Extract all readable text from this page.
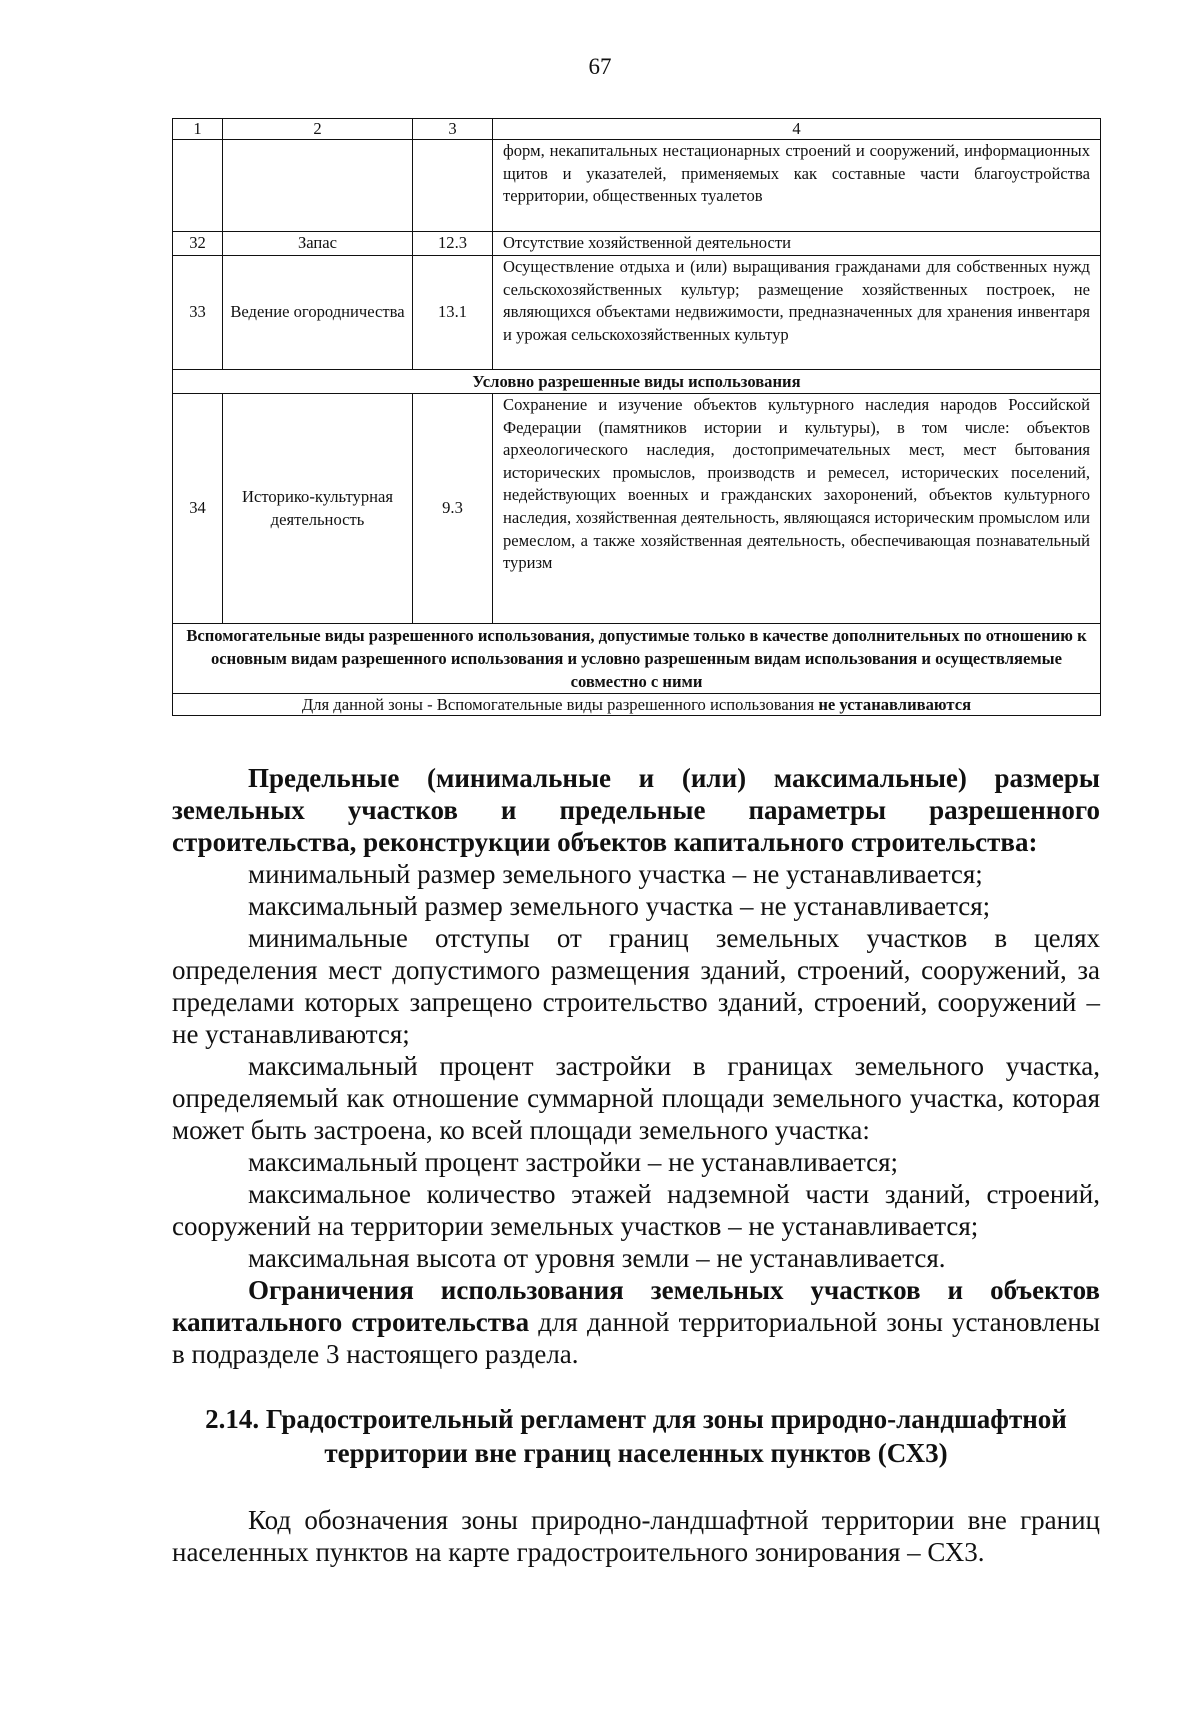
67
1	2	3	4
			форм, некапитальных нестационарных строений и сооружений, информационных щитов и указателей, применяемых как составные части благоустройства территории, общественных туалетов
32	Запас	12.3	Отсутствие хозяйственной деятельности
33	Ведение огородничества	13.1	Осуществление отдыха и (или) выращивания гражданами для собственных нужд сельскохозяйственных культур; размещение хозяйственных построек, не являющихся объектами недвижимости, предназначенных для хранения инвентаря и урожая сельскохозяйственных культур
Условно разрешенные виды использования			
34	Историко-культурная деятельность	9.3	Сохранение и изучение объектов культурного наследия народов Российской Федерации (памятников истории и культуры), в том числе: объектов археологического наследия, достопримечательных мест, мест бытования исторических промыслов, производств и ремесел, исторических поселений, недействующих военных и гражданских захоронений, объектов культурного наследия, хозяйственная деятельность, являющаяся историческим промыслом или ремеслом, а также хозяйственная деятельность, обеспечивающая познавательный туризм
Вспомогательные виды разрешенного использования, допустимые только в качестве дополнительных по отношению к основным видам разрешенного использования и условно разрешенным видам использования и осуществляемые совместно с ними			
Для данной зоны - Вспомогательные виды разрешенного использования не устанавливаются			

Предельные (минимальные и (или) максимальные) размеры земельных участков и предельные параметры разрешенного строительства, реконструкции объектов капитального строительства:

минимальный размер земельного участка – не устанавливается;

максимальный размер земельного участка – не устанавливается;

минимальные отступы от границ земельных участков в целях определения мест допустимого размещения зданий, строений, сооружений, за пределами которых запрещено строительство зданий, строений, сооружений – не устанавливаются;

максимальный процент застройки в границах земельного участка, определяемый как отношение суммарной площади земельного участка, которая может быть застроена, ко всей площади земельного участка:

максимальный процент застройки – не устанавливается;

максимальное количество этажей надземной части зданий, строений, сооружений на территории земельных участков – не устанавливается;

максимальная высота от уровня земли – не устанавливается.

Ограничения использования земельных участков и объектов капитального строительства для данной территориальной зоны установлены в подразделе 3 настоящего раздела.

2.14. Градостроительный регламент для зоны природно-ландшафтной
территории вне границ населенных пунктов (СХ3)

Код обозначения зоны природно-ландшафтной территории вне границ населенных пунктов на карте градостроительного зонирования – СХ3.
